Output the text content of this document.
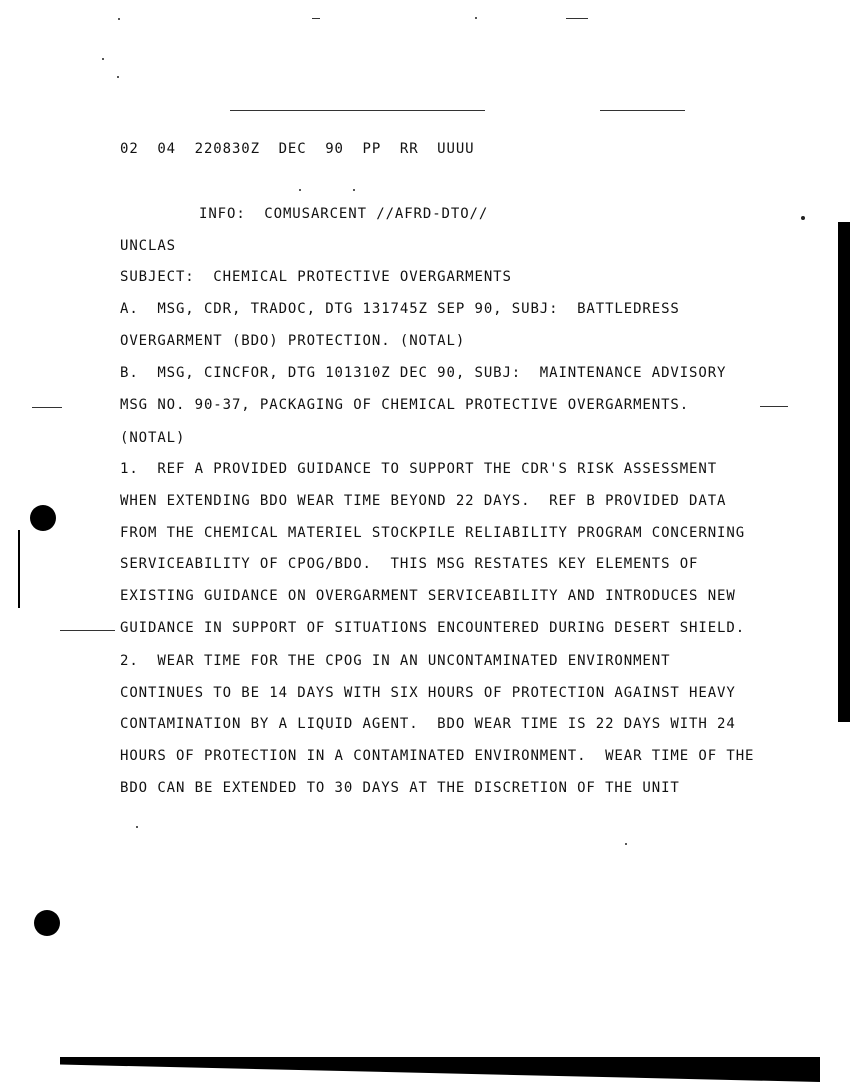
02  04  220830Z  DEC  90  PP  RR  UUUU
INFO:  COMUSARCENT //AFRD-DTO//
UNCLAS
SUBJECT:  CHEMICAL PROTECTIVE OVERGARMENTS
A.  MSG, CDR, TRADOC, DTG 131745Z SEP 90, SUBJ:  BATTLEDRESS
OVERGARMENT (BDO) PROTECTION. (NOTAL)
B.  MSG, CINCFOR, DTG 101310Z DEC 90, SUBJ:  MAINTENANCE ADVISORY
MSG NO. 90-37, PACKAGING OF CHEMICAL PROTECTIVE OVERGARMENTS.
(NOTAL)
1.  REF A PROVIDED GUIDANCE TO SUPPORT THE CDR'S RISK ASSESSMENT
WHEN EXTENDING BDO WEAR TIME BEYOND 22 DAYS.  REF B PROVIDED DATA
FROM THE CHEMICAL MATERIEL STOCKPILE RELIABILITY PROGRAM CONCERNING
SERVICEABILITY OF CPOG/BDO.  THIS MSG RESTATES KEY ELEMENTS OF
EXISTING GUIDANCE ON OVERGARMENT SERVICEABILITY AND INTRODUCES NEW
GUIDANCE IN SUPPORT OF SITUATIONS ENCOUNTERED DURING DESERT SHIELD.
2.  WEAR TIME FOR THE CPOG IN AN UNCONTAMINATED ENVIRONMENT
CONTINUES TO BE 14 DAYS WITH SIX HOURS OF PROTECTION AGAINST HEAVY
CONTAMINATION BY A LIQUID AGENT.  BDO WEAR TIME IS 22 DAYS WITH 24
HOURS OF PROTECTION IN A CONTAMINATED ENVIRONMENT.  WEAR TIME OF THE
BDO CAN BE EXTENDED TO 30 DAYS AT THE DISCRETION OF THE UNIT
